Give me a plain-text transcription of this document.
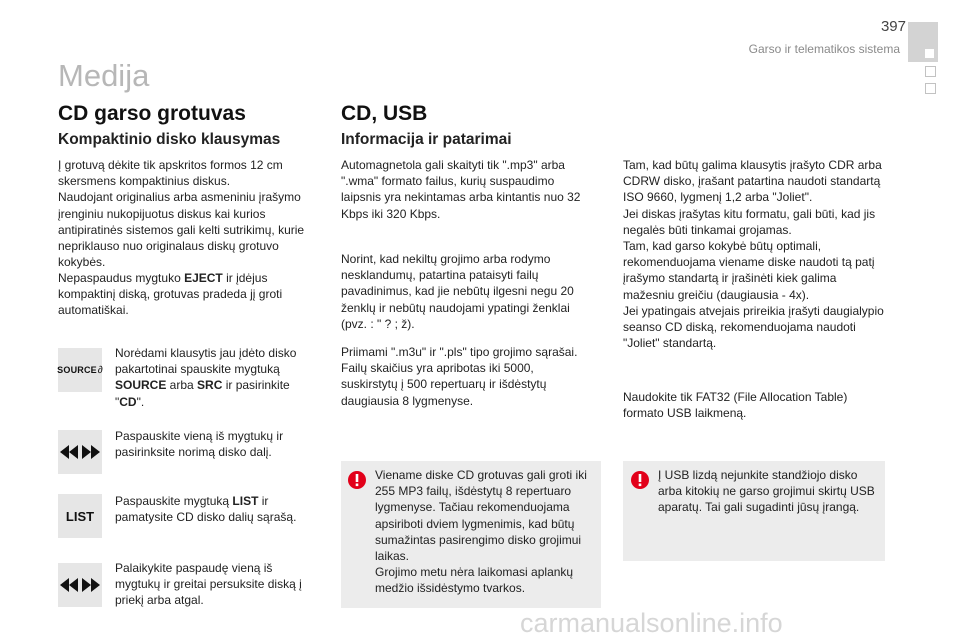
397
Garso ir telematikos sistema
Medija
CD garso grotuvas
Kompaktinio disko klausymas
Į grotuvą dėkite tik apskritos formos 12 cm skersmens kompaktinius diskus.
Naudojant originalius arba asmeniniu įrašymo įrenginiu nukopijuotus diskus kai kurios antipiratinės sistemos gali kelti sutrikimų, kurie nepriklauso nuo originalaus diskų grotuvo kokybės.
Nepaspaudus mygtuko EJECT ir įdėjus kompaktinį diską, grotuvas pradeda jį groti automatiškai.
SOURCE ∂
Norėdami klausytis jau įdėto disko pakartotinai spauskite mygtuką SOURCE arba SRC ir pasirinkite "CD".
Paspauskite vieną iš mygtukų ir pasirinksite norimą disko dalį.
LIST
Paspauskite mygtuką LIST ir pamatysite CD disko dalių sąrašą.
Palaikykite paspaudę vieną iš mygtukų ir greitai persuksite diską į priekį arba atgal.
CD, USB
Informacija ir patarimai
Automagnetola gali skaityti tik ".mp3" arba ".wma" formato failus, kurių suspaudimo laipsnis yra nekintamas arba kintantis nuo 32 Kbps iki 320 Kbps.
Norint, kad nekiltų grojimo arba rodymo nesklandumų, patartina pataisyti failų pavadinimus, kad jie nebūtų ilgesni negu 20 ženklų ir nebūtų naudojami ypatingi ženklai (pvz. : " ? ; ž).
Priimami ".m3u" ir ".pls" tipo grojimo sąrašai.
Failų skaičius yra apribotas iki 5000, suskirstytų į 500 repertuarų ir išdėstytų daugiausia 8 lygmenyse.
Viename diske CD grotuvas gali groti iki 255 MP3 failų, išdėstytų 8 repertuaro lygmenyse. Tačiau rekomenduojama apsiriboti dviem lygmenimis, kad būtų sumažintas pasirengimo disko grojimui laikas.
Grojimo metu nėra laikomasi aplankų medžio išsidėstymo tvarkos.
Tam, kad būtų galima klausytis įrašyto CDR arba CDRW disko, įrašant patartina naudoti standartą ISO 9660, lygmenį 1,2 arba "Joliet".
Jei diskas įrašytas kitu formatu, gali būti, kad jis negalės būti tinkamai grojamas.
Tam, kad garso kokybė būtų optimali, rekomenduojama viename diske naudoti tą patį įrašymo standartą ir įrašinėti kiek galima mažesniu greičiu (daugiausia - 4x).
Jei ypatingais atvejais prireikia įrašyti daugialypio seanso CD diską, rekomenduojama naudoti "Joliet" standartą.
Naudokite tik FAT32 (File Allocation Table) formato USB laikmeną.
Į USB lizdą nejunkite standžiojo disko arba kitokių ne garso grojimui skirtų USB aparatų. Tai gali sugadinti jūsų įrangą.
carmanualsonline.info
